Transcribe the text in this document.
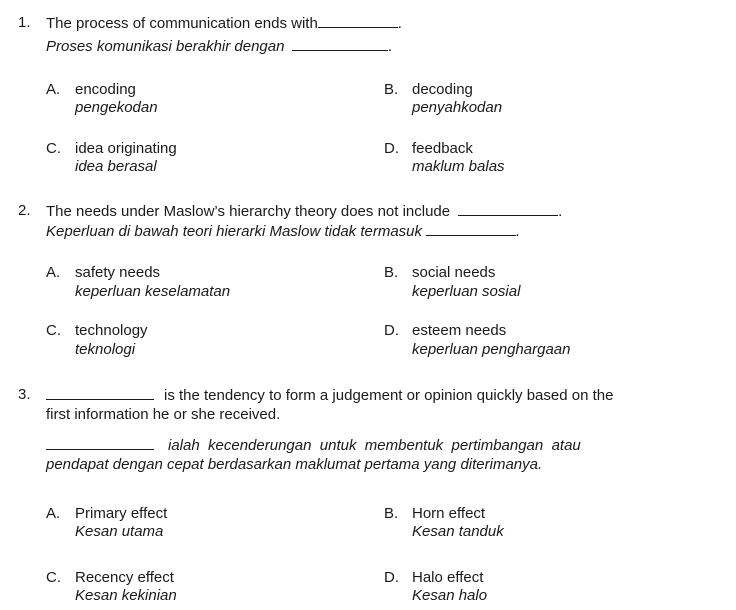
1. The process of communication ends with	.
Proses komunikasi berakhir dengan	.
A. encoding
pengekodan
B. decoding
penyahkodan
C. idea originating
idea berasal
D. feedback
maklum balas
2. The needs under Maslow’s hierarchy theory does not include	.
Keperluan di bawah teori hierarki Maslow tidak termasuk	.
A. safety needs
keperluan keselamatan
B. social needs
keperluan sosial
C. technology
teknologi
D. esteem needs
keperluan penghargaan
3.	is the tendency to form a judgement or opinion quickly based on the
first information he or she received.
ialah  kecenderungan  untuk  membentuk  pertimbangan  atau
pendapat dengan cepat berdasarkan maklumat pertama yang diterimanya.
A. Primary effect
Kesan utama
B. Horn effect
Kesan tanduk
C. Recency effect
Kesan kekinian
D. Halo effect
Kesan halo
